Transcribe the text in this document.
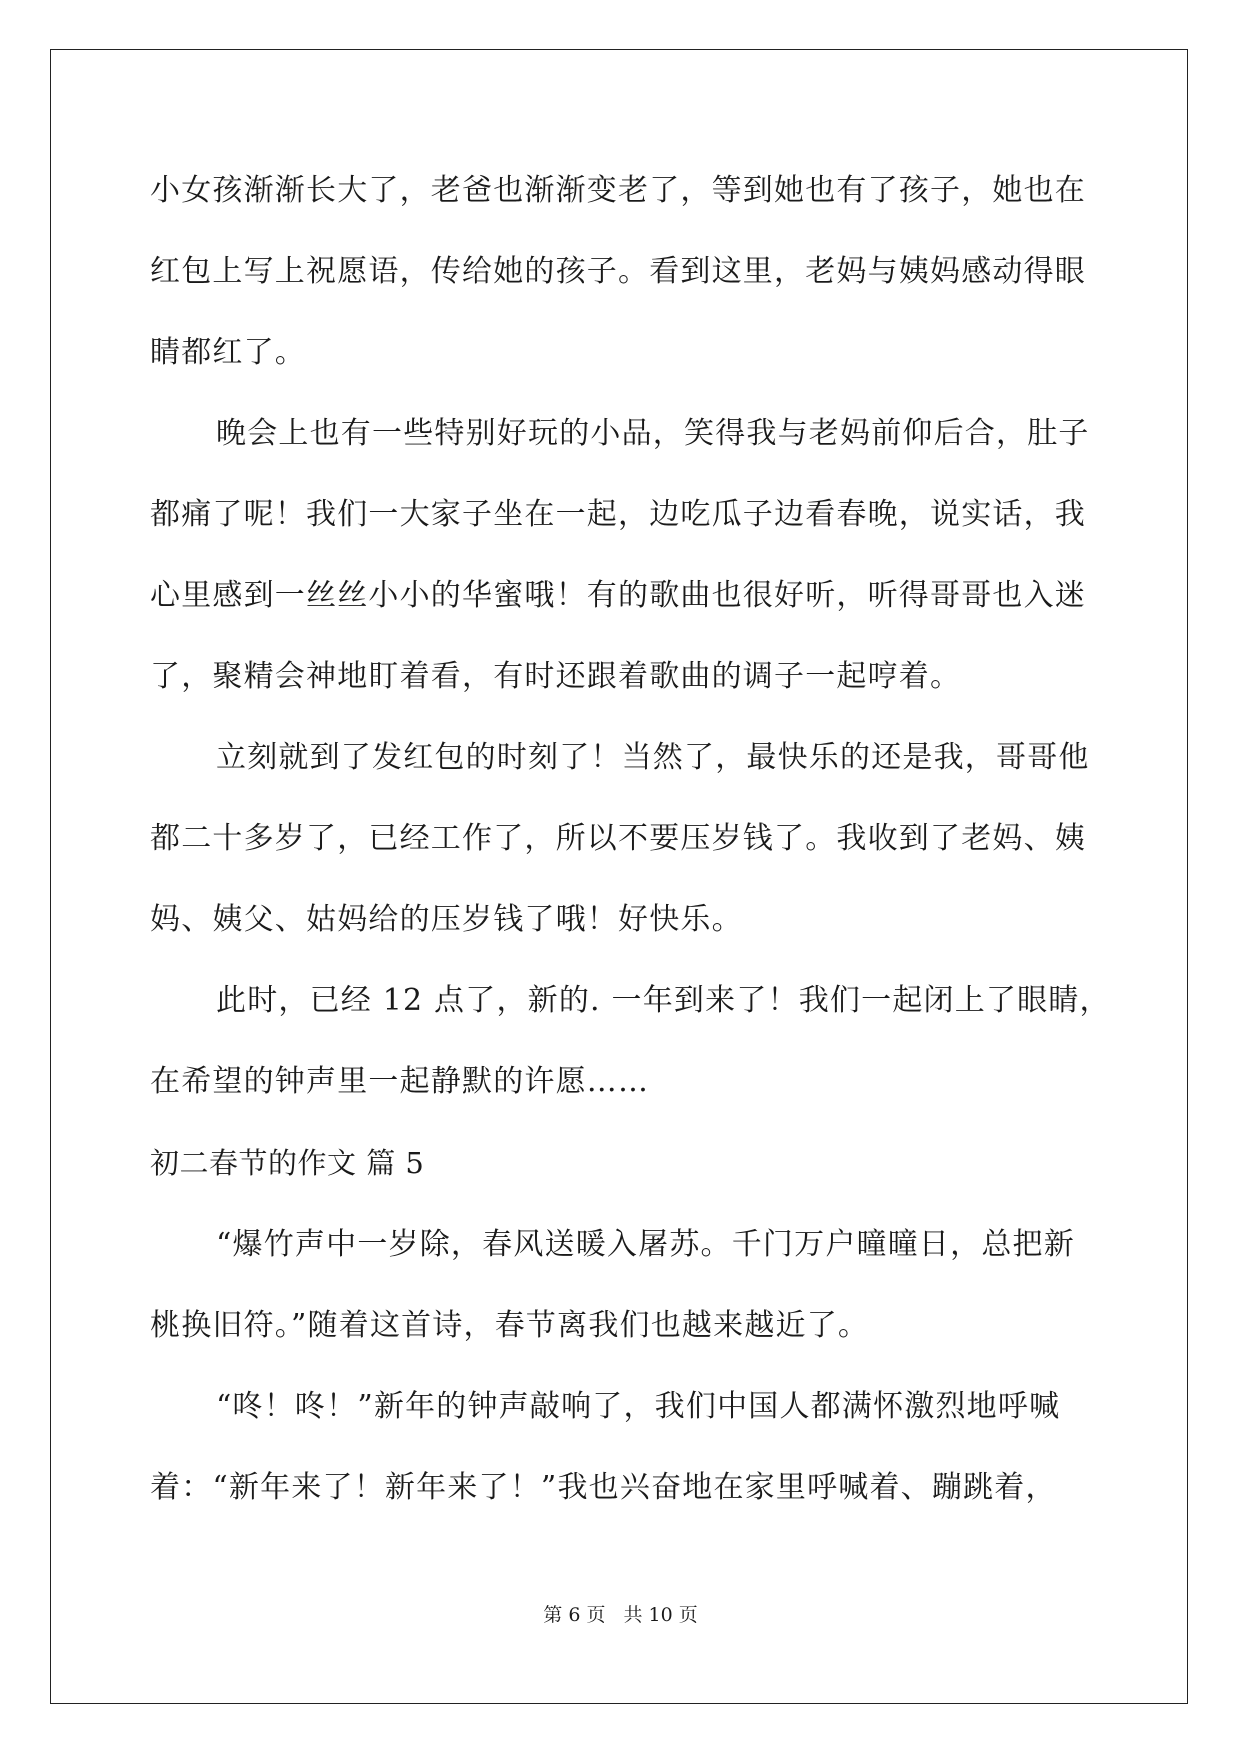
小女孩渐渐长大了，老爸也渐渐变老了，等到她也有了孩子，她也在
红包上写上祝愿语，传给她的孩子。看到这里，老妈与姨妈感动得眼
睛都红了。
晚会上也有一些特别好玩的小品，笑得我与老妈前仰后合，肚子
都痛了呢！我们一大家子坐在一起，边吃瓜子边看春晚，说实话，我
心里感到一丝丝小小的华蜜哦！有的歌曲也很好听，听得哥哥也入迷
了，聚精会神地盯着看，有时还跟着歌曲的调子一起哼着。
立刻就到了发红包的时刻了！当然了，最快乐的还是我，哥哥他
都二十多岁了，已经工作了，所以不要压岁钱了。我收到了老妈、姨
妈、姨父、姑妈给的压岁钱了哦！好快乐。
此时，已经 12 点了，新的. 一年到来了！我们一起闭上了眼睛，
在希望的钟声里一起静默的许愿……
初二春节的作文 篇 5
“爆竹声中一岁除，春风送暖入屠苏。千门万户曈曈日，总把新
桃换旧符。”随着这首诗，春节离我们也越来越近了。
“咚！咚！”新年的钟声敲响了，我们中国人都满怀激烈地呼喊
着：“新年来了！新年来了！”我也兴奋地在家里呼喊着、蹦跳着，
第 6 页 共 10 页
